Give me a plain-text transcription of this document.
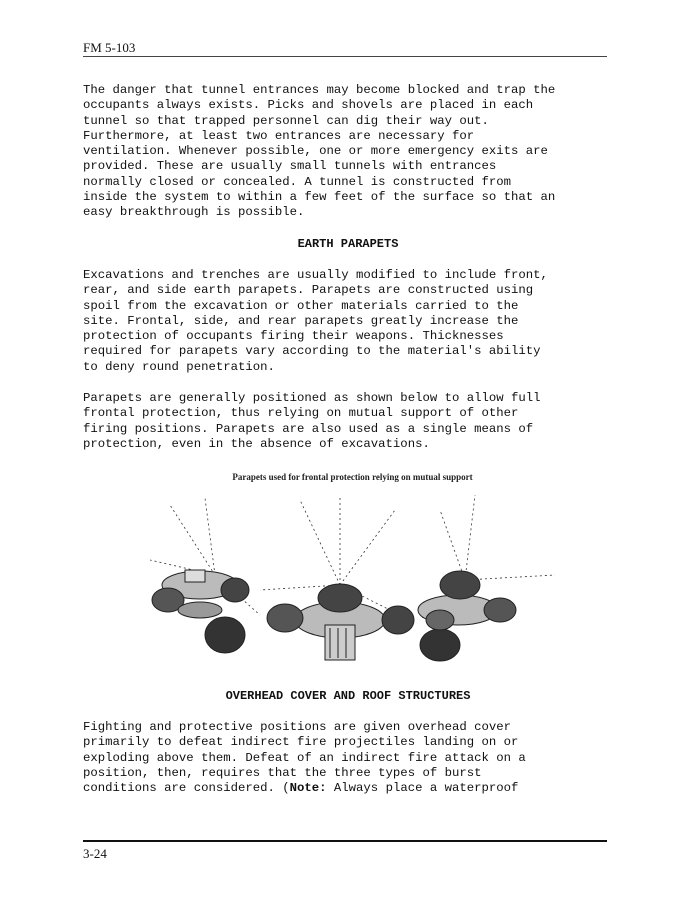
FM 5-103

The danger that tunnel entrances may become blocked and trap the
occupants always exists. Picks and shovels are placed in each
tunnel so that trapped personnel can dig their way out.
Furthermore, at least two entrances are necessary for
ventilation. Whenever possible, one or more emergency exits are
provided. These are usually small tunnels with entrances
normally closed or concealed. A tunnel is constructed from
inside the system to within a few feet of the surface so that an
easy breakthrough is possible.

EARTH PARAPETS

Excavations and trenches are usually modified to include front,
rear, and side earth parapets. Parapets are constructed using
spoil from the excavation or other materials carried to the
site. Frontal, side, and rear parapets greatly increase the
protection of occupants firing their weapons. Thicknesses
required for parapets vary according to the material's ability
to deny round penetration.

Parapets are generally positioned as shown below to allow full
frontal protection, thus relying on mutual support of other
firing positions. Parapets are also used as a single means of
protection, even in the absence of excavations.

Parapets used for frontal protection relying on mutual support
OVERHEAD COVER AND ROOF STRUCTURES

Fighting and protective positions are given overhead cover
primarily to defeat indirect fire projectiles landing on or
exploding above them. Defeat of an indirect fire attack on a
position, then, requires that the three types of burst
conditions are considered. (Note: Always place a waterproof

3-24
